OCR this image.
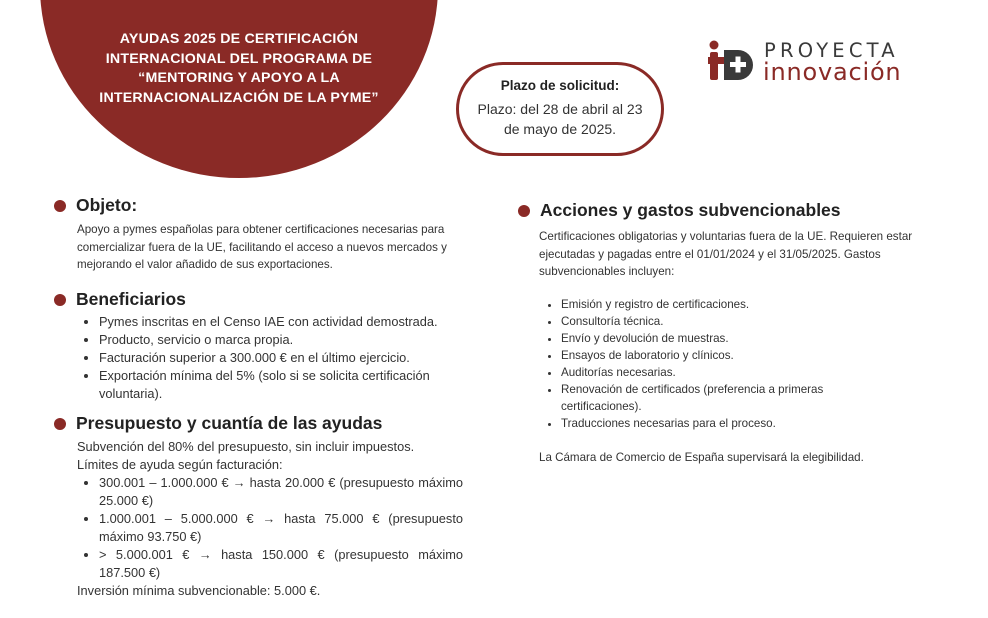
AYUDAS 2025 DE CERTIFICACIÓN INTERNACIONAL DEL PROGRAMA DE “MENTORING Y APOYO A LA INTERNACIONALIZACIÓN DE LA PYME”
Plazo de solicitud:
Plazo: del 28 de abril al 23 de mayo de 2025.
PROYECTA
innovación
Objeto:
Apoyo a pymes españolas para obtener certificaciones necesarias para comercializar fuera de la UE, facilitando el acceso a nuevos mercados y mejorando el valor añadido de sus exportaciones.
Beneficiarios
• Pymes inscritas en el Censo IAE con actividad demostrada.
• Producto, servicio o marca propia.
• Facturación superior a 300.000 € en el último ejercicio.
• Exportación mínima del 5% (solo si se solicita certificación voluntaria).
Presupuesto y cuantía de las ayudas
Subvención del 80% del presupuesto, sin incluir impuestos.
Límites de ayuda según facturación:
• 300.001 – 1.000.000 € → hasta 20.000 € (presupuesto máximo 25.000 €)
• 1.000.001 – 5.000.000 € → hasta 75.000 € (presupuesto máximo 93.750 €)
• > 5.000.001 € → hasta 150.000 € (presupuesto máximo 187.500 €)
Inversión mínima subvencionable: 5.000 €.
Acciones y gastos subvencionables
Certificaciones obligatorias y voluntarias fuera de la UE. Requieren estar ejecutadas y pagadas entre el 01/01/2024 y el 31/05/2025. Gastos subvencionables incluyen:
• Emisión y registro de certificaciones.
• Consultoría técnica.
• Envío y devolución de muestras.
• Ensayos de laboratorio y clínicos.
• Auditorías necesarias.
• Renovación de certificados (preferencia a primeras certificaciones).
• Traducciones necesarias para el proceso.
La Cámara de Comercio de España supervisará la elegibilidad.
